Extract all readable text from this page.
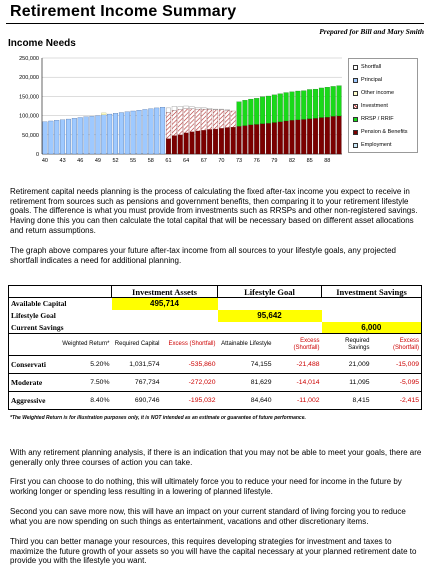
Retirement Income Summary
Prepared for Bill and Mary Smith
Income Needs
0
50,000
100,000
150,000
200,000
250,000
40 43 46 49 52 55 58 61 64 67 70 73 76 79 82 85 88
Shortfall
Principal
Other income
Investment
RRSP / RRIF
Pension & Benefits
Employment
Retirement capital needs planning is the process of calculating the fixed after-tax income you expect to receive in retirement from sources such as pensions and government benefits, then comparing it to your retirement lifestyle goals. The difference is what you must provide from investments such as RRSPs and other non-registered savings. Having done this you can then calculate the total capital that will be necessary based on different asset allocations and return assumptions.
The graph above compares your future after-tax income from all sources to your lifestyle goals, any projected shortfall indicates a need for additional planning.
		Investment Assets		Lifestyle Goal		Investment Savings	
Available Capital		495,714					
Lifestyle Goal				95,642			
Current Savings						6,000	
	Weighted Return*	Required Capital	Excess (Shortfall)	Attainable Lifestyle	Excess (Shortfall)	Required Savings	Excess (Shortfall)
Conservati	5.20%	1,031,574	-535,860	74,155	-21,488	21,009	-15,009
Moderate	7.50%	767,734	-272,020	81,629	-14,014	11,095	-5,095
Aggressive	8.40%	690,746	-195,032	84,640	-11,002	8,415	-2,415
*The Weighted Return is for illustration purposes only, it is NOT intended as an estimate or guarantee of future performance.
With any retirement planning analysis, if there is an indication that you may not be able to meet your goals, there are generally only three courses of action you can take.
First you can choose to do nothing, this will ultimately force you to reduce your need for income in the future by working longer or spending less resulting in a lowering of planned lifestyle.
Second you can save more now, this will have an impact on your current standard of living forcing you to reduce what you are now spending on such things as entertainment, vacations and other discretionary items.
Third you can better manage your resources, this requires developing strategies for investment and taxes to maximize the future growth of your assets so you will have the capital necessary at your planned retirement date to provide you with the lifestyle you want.
